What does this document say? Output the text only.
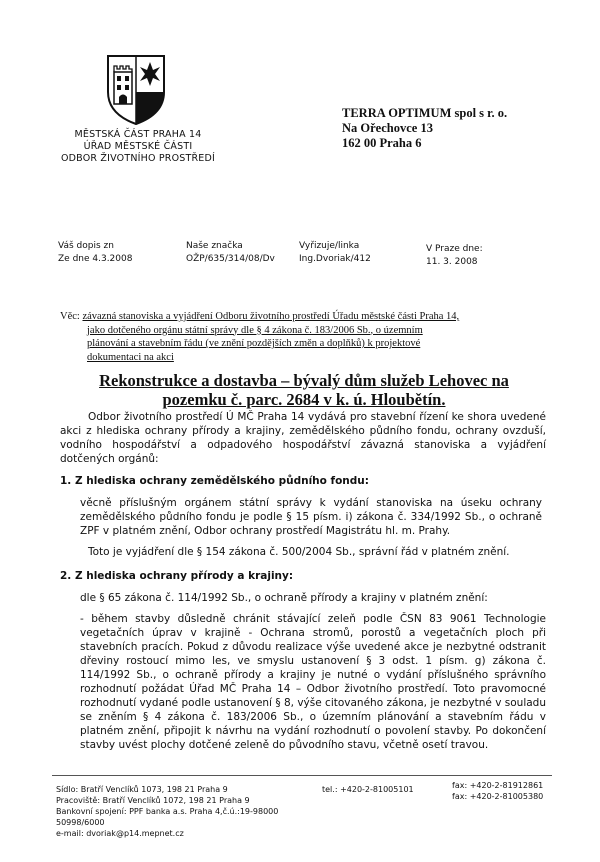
MĚSTSKÁ ČÁST PRAHA 14
ÚŘAD MĚSTSKÉ ČÁSTI
ODBOR ŽIVOTNÍHO PROSTŘEDÍ
TERRA OPTIMUM spol s r. o.
Na Ořechovce 13
162 00 Praha 6
Váš dopis zn
Ze dne 4.3.2008
Naše značka
OŽP/635/314/08/Dv
Vyřizuje/linka
Ing.Dvoriak/412
V Praze dne:
11. 3. 2008
Věc: závazná stanoviska a vyjádření Odboru životního prostředí Úřadu městské části Praha 14,
jako dotčeného orgánu státní správy dle § 4 zákona č. 183/2006 Sb., o územním
plánování a stavebním řádu (ve znění pozdějších změn a doplňků) k projektové
dokumentaci na akci
Rekonstrukce a dostavba – bývalý dům služeb Lehovec na
pozemku č. parc. 2684 v k. ú. Hloubětín.
Odbor životního prostředí Ú MČ Praha 14 vydává pro stavební řízení ke shora uvedené akci z hlediska ochrany přírody a krajiny, zemědělského půdního fondu, ochrany ovzduší, vodního hospodářství a odpadového hospodářství závazná stanoviska a vyjádření dotčených orgánů:
1. Z hlediska ochrany zemědělského půdního fondu:
věcně příslušným orgánem státní správy k vydání stanoviska na úseku ochrany zemědělského půdního fondu je podle § 15 písm. i) zákona č. 334/1992 Sb., o ochraně ZPF v platném znění, Odbor ochrany prostředí Magistrátu hl. m. Prahy.
Toto je vyjádření dle § 154 zákona č. 500/2004 Sb., správní řád v platném znění.
2. Z hlediska ochrany přírody a krajiny:
dle § 65 zákona č. 114/1992 Sb., o ochraně přírody a krajiny v platném znění:
- během stavby důsledně chránit stávající zeleň podle ČSN 83 9061 Technologie vegetačních úprav v krajině - Ochrana stromů, porostů a vegetačních ploch při stavebních pracích. Pokud z důvodu realizace výše uvedené akce je nezbytné odstranit dřeviny rostoucí mimo les, ve smyslu ustanovení § 3 odst. 1 písm. g) zákona č. 114/1992 Sb., o ochraně přírody a krajiny je nutné o vydání příslušného správního rozhodnutí požádat Úřad MČ Praha 14 – Odbor životního prostředí. Toto pravomocné rozhodnutí vydané podle ustanovení § 8, výše citovaného zákona, je nezbytné v souladu se zněním § 4 zákona č. 183/2006 Sb., o územním plánování a stavebním řádu v platném znění, připojit k návrhu na vydání rozhodnutí o povolení stavby. Po dokončení stavby uvést plochy dotčené zeleně do původního stavu, včetně osetí travou.
Sídlo: Bratří Venclíků 1073, 198 21 Praha 9
Pracoviště: Bratří Venclíků 1072, 198 21 Praha 9
Bankovní spojení: PPF banka a.s. Praha 4,č.ú.:19-98000
50998/6000
e-mail: dvoriak@p14.mepnet.cz
tel.: +420-2-81005101	fax: +420-2-81912861
fax: +420-2-81005380
